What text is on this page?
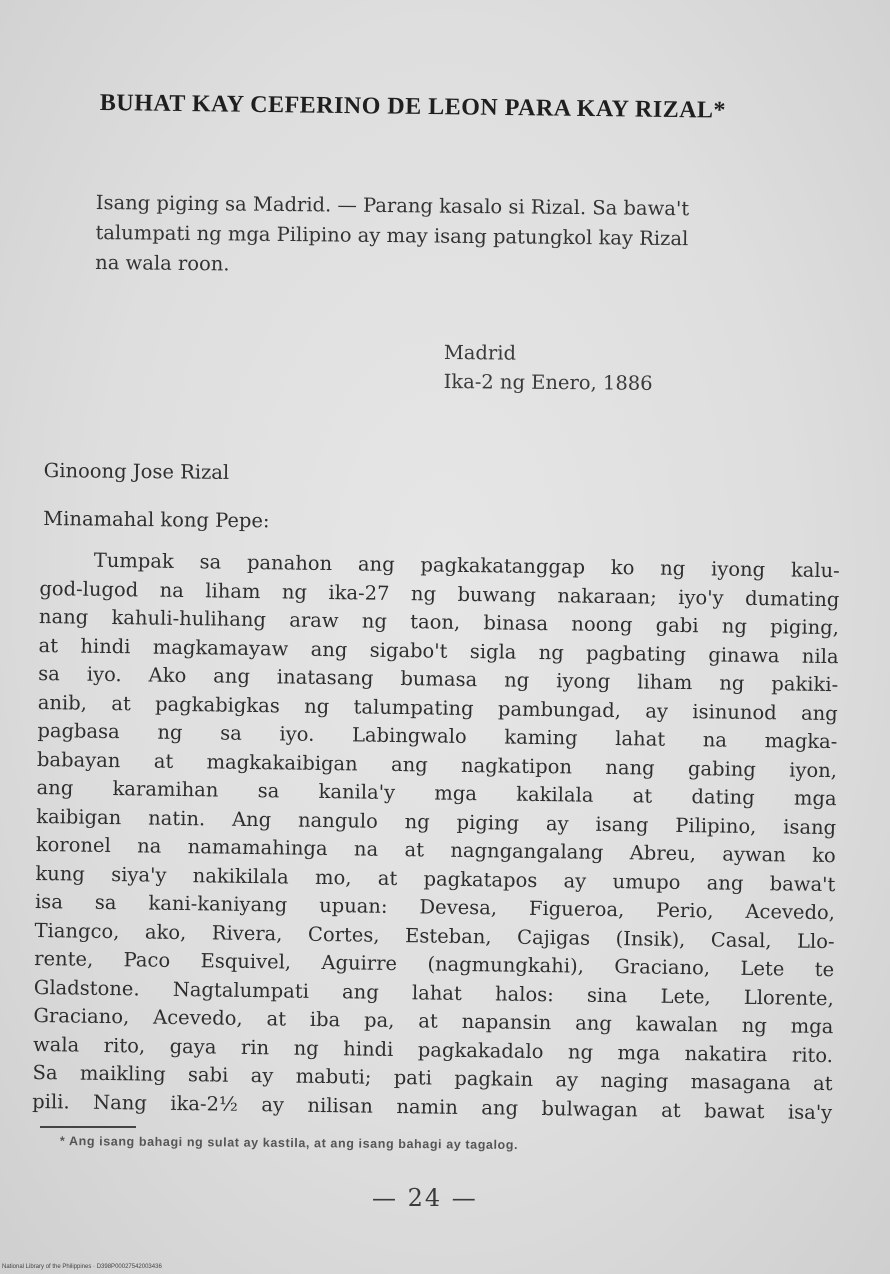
BUHAT KAY CEFERINO DE LEON PARA KAY RIZAL*
Isang piging sa Madrid. — Parang kasalo si Rizal. Sa bawa't
talumpati ng mga Pilipino ay may isang patungkol kay Rizal
na wala roon.
Madrid
Ika-2 ng Enero, 1886
Ginoong Jose Rizal
Minamahal kong Pepe:
Tumpak sa panahon ang pagkakatanggap ko ng iyong kalu-
god-lugod na liham ng ika-27 ng buwang nakaraan; iyo'y dumating
nang kahuli-hulihang araw ng taon, binasa noong gabi ng piging,
at hindi magkamayaw ang sigabo't sigla ng pagbating ginawa nila
sa iyo. Ako ang inatasang bumasa ng iyong liham ng pakiki-
anib, at pagkabigkas ng talumpating pambungad, ay isinunod ang
pagbasa ng sa iyo. Labingwalo kaming lahat na magka-
babayan at magkakaibigan ang nagkatipon nang gabing iyon,
ang karamihan sa kanila'y mga kakilala at dating mga
kaibigan natin. Ang nangulo ng piging ay isang Pilipino, isang
koronel na namamahinga na at nagngangalang Abreu, aywan ko
kung siya'y nakikilala mo, at pagkatapos ay umupo ang bawa't
isa sa kani-kaniyang upuan: Devesa, Figueroa, Perio, Acevedo,
Tiangco, ako, Rivera, Cortes, Esteban, Cajigas (Insik), Casal, Llo-
rente, Paco Esquivel, Aguirre (nagmungkahi), Graciano, Lete te
Gladstone. Nagtalumpati ang lahat halos: sina Lete, Llorente,
Graciano, Acevedo, at iba pa, at napansin ang kawalan ng mga
wala rito, gaya rin ng hindi pagkakadalo ng mga nakatira rito.
Sa maikling sabi ay mabuti; pati pagkain ay naging masagana at
pili. Nang ika-2½ ay nilisan namin ang bulwagan at bawat isa'y
* Ang isang bahagi ng sulat ay kastila, at ang isang bahagi ay tagalog.
— 24 —
National Library of the Philippines · D398P00027542003436
